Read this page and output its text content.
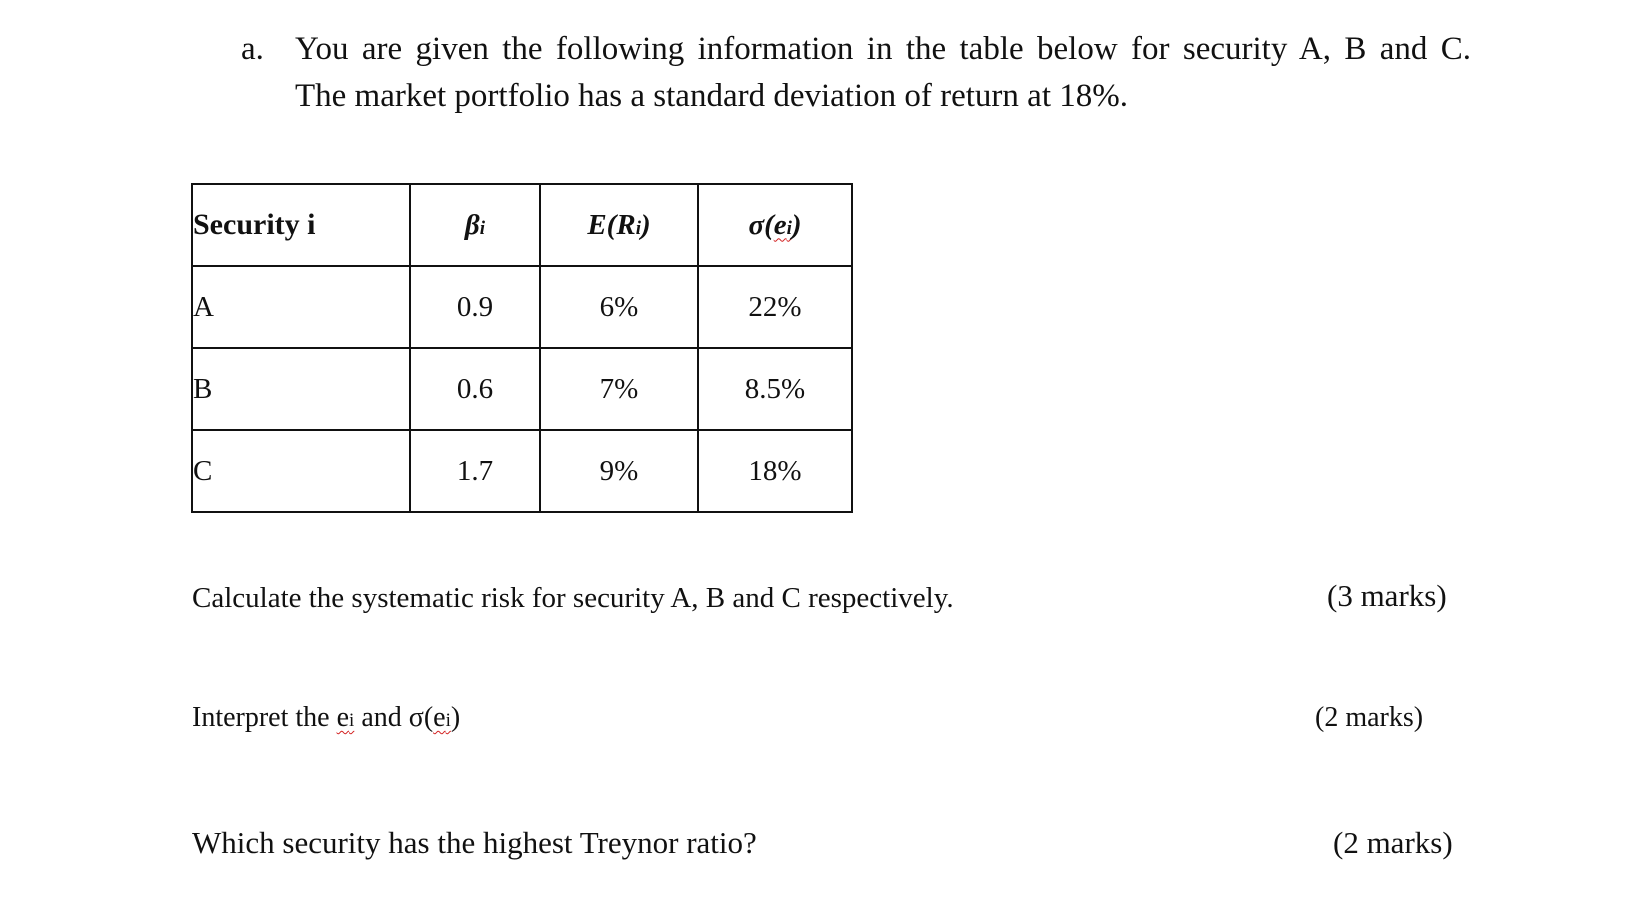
a. You are given the following information in the table below for security A, B and C.
The market portfolio has a standard deviation of return at 18%.
Security i	βi	E(Ri)	σ(ei)
A	0.9	6%	22%
B	0.6	7%	8.5%
C	1.7	9%	18%
Calculate the systematic risk for security A, B and C respectively.	(3 marks)
Interpret the ei and σ(ei)	(2 marks)
Which security has the highest Treynor ratio?	(2 marks)
